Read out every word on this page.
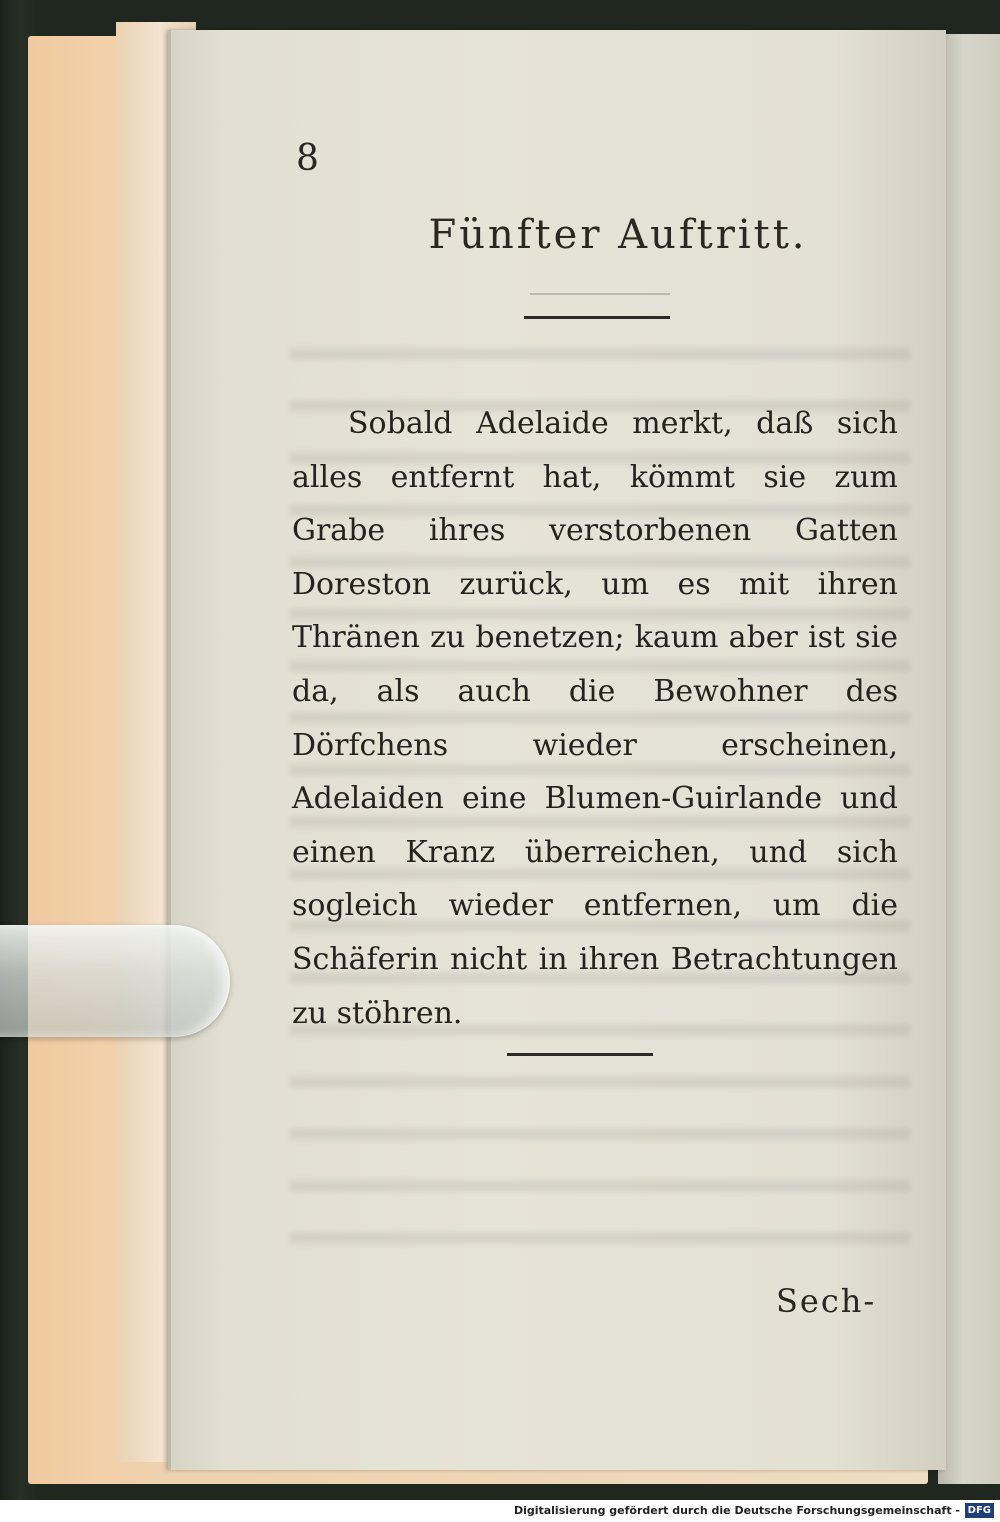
8
Fünfter Auftritt.

Sobald Adelaide merkt, daß sich alles entfernt hat, kömmt sie zum Grabe ihres verstorbenen Gatten Doreston zurück, um es mit ihren Thränen zu benetzen; kaum aber ist sie da, als auch die Bewohner des Dörfchens wieder erscheinen, Adelaiden eine Blumen-Guirlande und einen Kranz überreichen, und sich sogleich wieder entfernen, um die Schäferin nicht in ihren Betrachtungen zu stöhren.

Sech-
Digitalisierung gefördert durch die Deutsche Forschungsgemeinschaft - DFG
